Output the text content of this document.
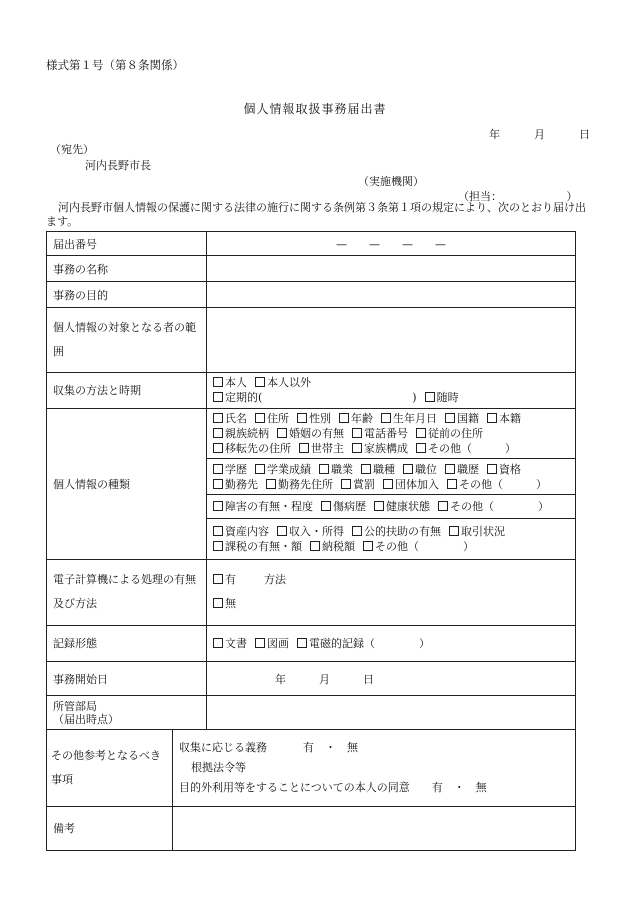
様式第１号（第８条関係）
個人情報取扱事務届出書
年	月	日
（宛先）
河内長野市長
（実施機関）
（担当：	）
河内長野市個人情報の保護に関する法律の施行に関する条例第３条第１項の規定により、次のとおり届け出ます。
届出番号		—　　—　　—　　—
事務の名称		
事務の目的		
個人情報の対象となる者の範囲		
収集の方法と時期		本人 本人以外
定期的( ) 随時

個人情報の種類		氏名 住所 性別 年齢 生年月日 国籍 本籍
親族続柄 婚姻の有無 電話番号 従前の住所
移転先の住所 世帯主 家族構成 その他（　　　）

		学歴 学業成績 職業 職種 職位 職歴 資格
勤務先 勤務先住所 賞罰 団体加入 その他（　　　）

		障害の有無・程度 傷病歴 健康状態 その他（　　　　）

		資産内容 収入・所得 公的扶助の有無 取引状況
課税の有無・額 納税額 その他（　　　　）

電子計算機による処理の有無及び方法		有 方法
無

記録形態		文書 図画 電磁的記録（　　　　）
事務開始日		年　　　月　　　日

所管部局
（届出時点）		

その他参考となるべき事項	収集に応じる義務 有　・　無
根拠法令等
目的外利用等をすることについての本人の同意 有　・　無	

備考		
